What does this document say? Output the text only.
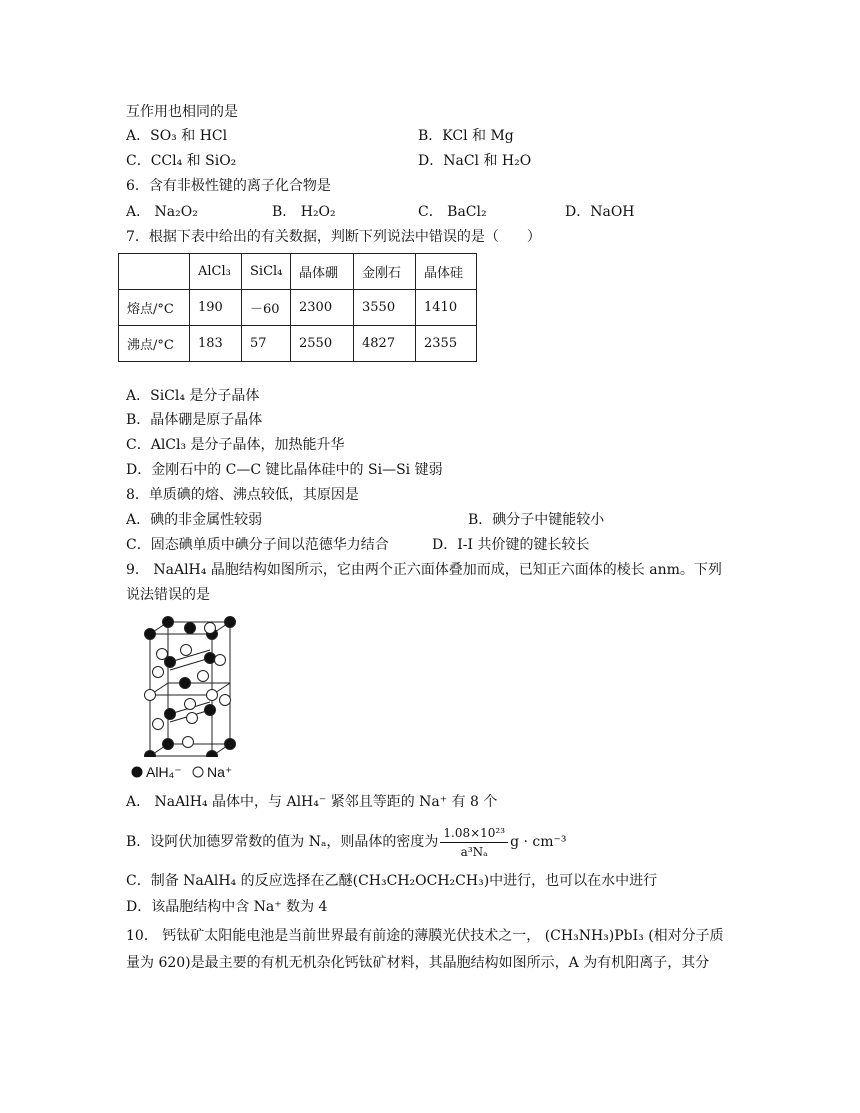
互作用也相同的是
A．SO₃ 和 HCl	B．KCl 和 Mg
C．CCl₄ 和 SiO₂	D．NaCl 和 H₂O
6．含有非极性键的离子化合物是
A． Na₂O₂	B． H₂O₂	C． BaCl₂	D．NaOH
7．根据下表中给出的有关数据，判断下列说法中错误的是（　　）
	AlCl₃	SiCl₄	晶体硼	金刚石	晶体硅
熔点/°C	190	－60	2300	3550	1410
沸点/°C	183	57	2550	4827	2355
A．SiCl₄ 是分子晶体
B．晶体硼是原子晶体
C．AlCl₃ 是分子晶体，加热能升华
D．金刚石中的 C—C 键比晶体硅中的 Si—Si 键弱
8．单质碘的熔、沸点较低，其原因是
A．碘的非金属性较弱	B．碘分子中键能较小
C．固态碘单质中碘分子间以范德华力结合	D．I-I 共价键的键长较长
9． NaAlH₄ 晶胞结构如图所示，它由两个正六面体叠加而成，已知正六面体的棱长 anm。下列
说法错误的是
AlH₄⁻ Na⁺
A． NaAlH₄ 晶体中，与 AlH₄⁻ 紧邻且等距的 Na⁺ 有 8 个
B．设阿伏加德罗常数的值为 Nₐ，则晶体的密度为 $\frac{\text{1.08×10²³}}{\text{a³Nₐ}}$ g · cm⁻³
C．制备 NaAlH₄ 的反应选择在乙醚(CH₃CH₂OCH₂CH₃)中进行，也可以在水中进行
D．该晶胞结构中含 Na⁺ 数为 4
10． 钙钛矿太阳能电池是当前世界最有前途的薄膜光伏技术之一， (CH₃NH₃)PbI₃ (相对分子质
量为 620)是最主要的有机无机杂化钙钛矿材料，其晶胞结构如图所示，A 为有机阳离子，其分
